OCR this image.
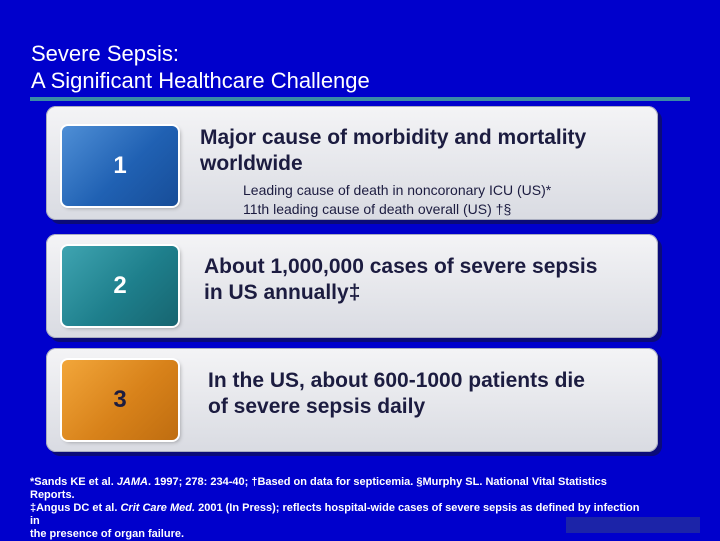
Severe Sepsis:
A Significant Healthcare Challenge
1

Major cause of morbidity and mortality
worldwide

Leading cause of death in noncoronary ICU (US)*

11th leading cause of death overall (US) †§

2

About 1,000,000 cases of severe sepsis
in US annually‡

3

In the US, about 600-1000 patients die
of severe sepsis daily

*Sands KE et al. JAMA. 1997; 278: 234-40; †Based on data for septicemia. §Murphy SL. National Vital Statistics Reports.
‡Angus DC et al. Crit Care Med. 2001 (In Press); reflects hospital-wide cases of severe sepsis as defined by infection in
the presence of organ failure.
